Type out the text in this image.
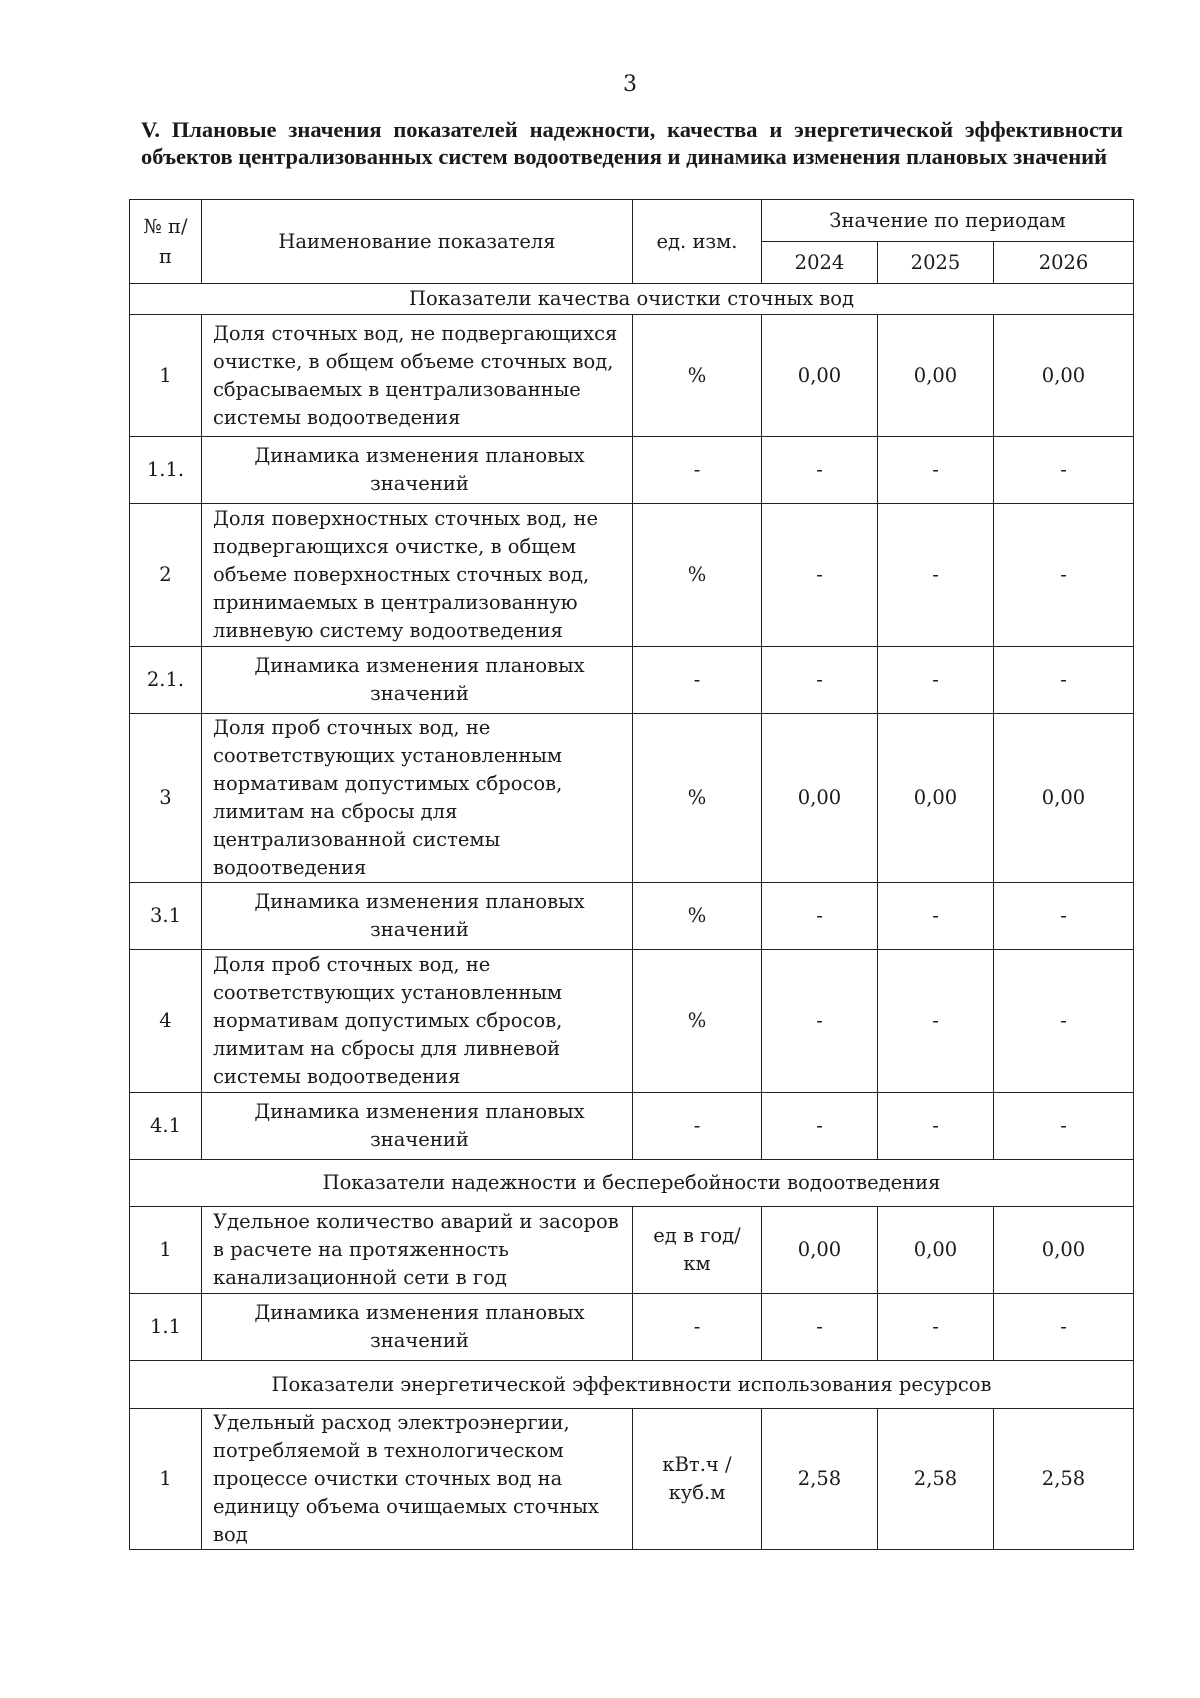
3
V. Плановые значения показателей надежности, качества и энергетической эффективности объектов централизованных систем водоотведения и динамика изменения плановых значений
№ п/п	Наименование показателя	ед. изм.	Значение по периодам		
			2024	2025	2026
Показатели качества очистки сточных вод					
1	Доля сточных вод, не подвергающихся очистке, в общем объеме сточных вод, сбрасываемых в централизованные системы водоотведения	%	0,00	0,00	0,00
1.1.	Динамика изменения плановых значений	-	-	-	-
2	Доля поверхностных сточных вод, не подвергающихся очистке, в общем объеме поверхностных сточных вод, принимаемых в централизованную ливневую систему водоотведения	%	-	-	-
2.1.	Динамика изменения плановых значений	-	-	-	-
3	Доля проб сточных вод, не соответствующих установленным нормативам допустимых сбросов, лимитам на сбросы для централизованной системы водоотведения	%	0,00	0,00	0,00
3.1	Динамика изменения плановых значений	%	-	-	-
4	Доля проб сточных вод, не соответствующих установленным нормативам допустимых сбросов, лимитам на сбросы для ливневой системы водоотведения	%	-	-	-
4.1	Динамика изменения плановых значений	-	-	-	-
Показатели надежности и бесперебойности водоотведения					
1	Удельное количество аварий и засоров в расчете на протяженность канализационной сети в год	ед в год/ км	0,00	0,00	0,00
1.1	Динамика изменения плановых значений	-	-	-	-
Показатели энергетической эффективности использования ресурсов					
1	Удельный расход электроэнергии, потребляемой в технологическом процессе очистки сточных вод на единицу объема очищаемых сточных вод	кВт.ч / куб.м	2,58	2,58	2,58
